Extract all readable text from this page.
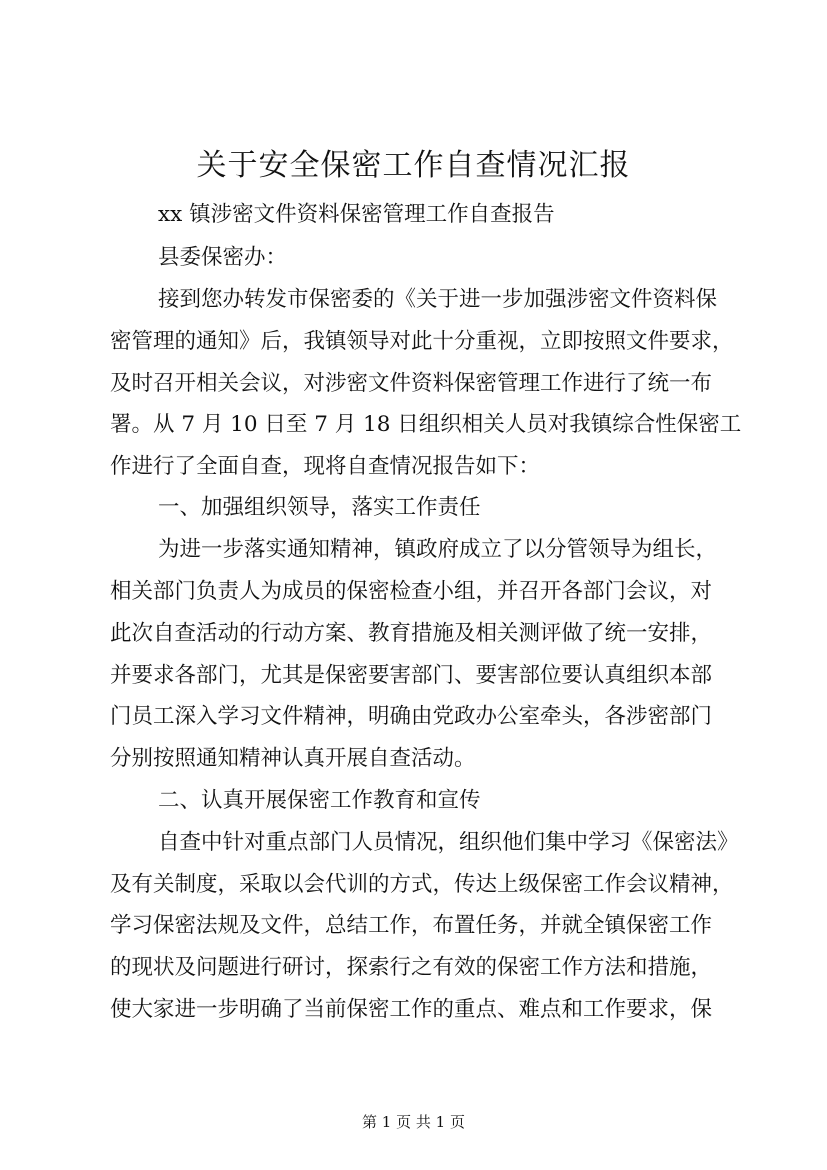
关于安全保密工作自查情况汇报

xx 镇涉密文件资料保密管理工作自查报告

县委保密办：

接到您办转发市保密委的《关于进一步加强涉密文件资料保

密管理的通知》后，我镇领导对此十分重视，立即按照文件要求，

及时召开相关会议，对涉密文件资料保密管理工作进行了统一布

署。从 7 月 10 日至 7 月 18 日组织相关人员对我镇综合性保密工

作进行了全面自查，现将自查情况报告如下：

一、加强组织领导，落实工作责任

为进一步落实通知精神，镇政府成立了以分管领导为组长，

相关部门负责人为成员的保密检查小组，并召开各部门会议，对

此次自查活动的行动方案、教育措施及相关测评做了统一安排，

并要求各部门，尤其是保密要害部门、要害部位要认真组织本部

门员工深入学习文件精神，明确由党政办公室牵头，各涉密部门

分别按照通知精神认真开展自查活动。

二、认真开展保密工作教育和宣传

自查中针对重点部门人员情况，组织他们集中学习《保密法》

及有关制度，采取以会代训的方式，传达上级保密工作会议精神，

学习保密法规及文件，总结工作，布置任务，并就全镇保密工作

的现状及问题进行研讨，探索行之有效的保密工作方法和措施，

使大家进一步明确了当前保密工作的重点、难点和工作要求，保

第 1 页 共 1 页
